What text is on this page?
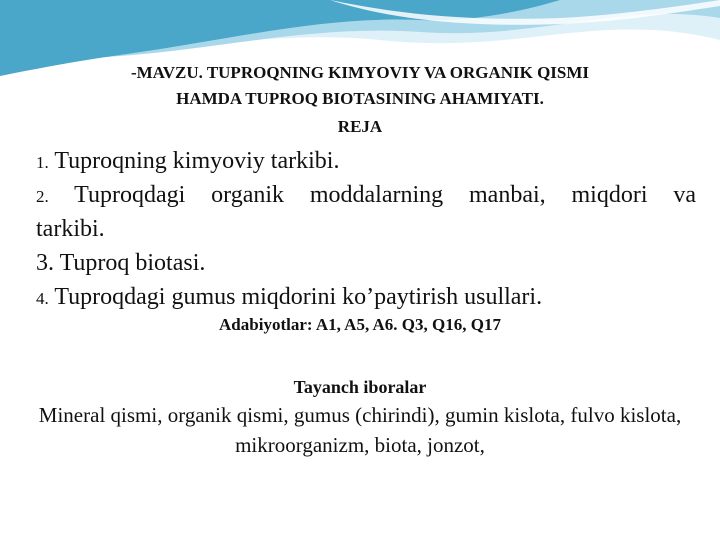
-MAVZU. TUPROQNING KIMYOVIY VA ORGANIK QISMI
HAMDA TUPROQ BIOTASINING AHAMIYATI.
REJA

1. Tuproqning kimyoviy tarkibi.

2. Tuproqdagi organik moddalarning manbai, miqdori va

tarkibi.

3. Tuproq biotasi.

4. Tuproqdagi gumus miqdorini ko’paytirish usullari.

Adabiyotlar: A1, A5, A6. Q3, Q16, Q17
Tayanch iboralar
Mineral qismi, organik qismi, gumus (chirindi), gumin kislota, fulvo kislota, mikroorganizm, biota, jonzot,
